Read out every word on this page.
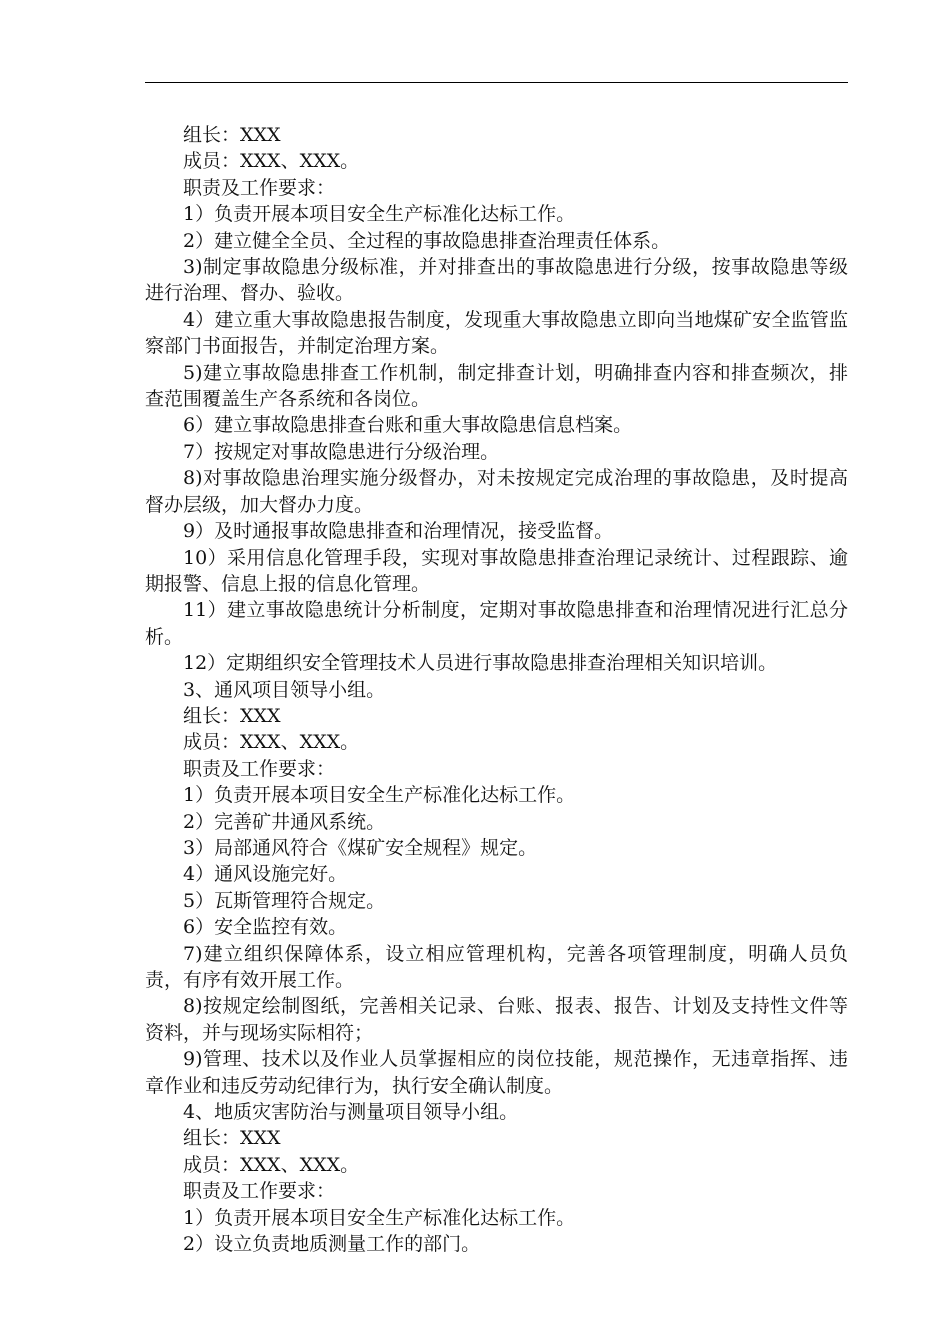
组长：XXX

成员：XXX、XXX。

职责及工作要求：

1）负责开展本项目安全生产标准化达标工作。

2）建立健全全员、全过程的事故隐患排查治理责任体系。

3)制定事故隐患分级标准，并对排查出的事故隐患进行分级，按事故隐患等级进行治理、督办、验收。

4）建立重大事故隐患报告制度，发现重大事故隐患立即向当地煤矿安全监管监察部门书面报告，并制定治理方案。

5)建立事故隐患排查工作机制，制定排查计划，明确排查内容和排查频次，排查范围覆盖生产各系统和各岗位。

6）建立事故隐患排查台账和重大事故隐患信息档案。

7）按规定对事故隐患进行分级治理。

8)对事故隐患治理实施分级督办，对未按规定完成治理的事故隐患，及时提高督办层级，加大督办力度。

9）及时通报事故隐患排查和治理情况，接受监督。

10）采用信息化管理手段，实现对事故隐患排查治理记录统计、过程跟踪、逾期报警、信息上报的信息化管理。

11）建立事故隐患统计分析制度，定期对事故隐患排查和治理情况进行汇总分析。

12）定期组织安全管理技术人员进行事故隐患排查治理相关知识培训。

3、通风项目领导小组。

组长：XXX

成员：XXX、XXX。

职责及工作要求：

1）负责开展本项目安全生产标准化达标工作。

2）完善矿井通风系统。

3）局部通风符合《煤矿安全规程》规定。

4）通风设施完好。

5）瓦斯管理符合规定。

6）安全监控有效。

7)建立组织保障体系，设立相应管理机构，完善各项管理制度，明确人员负责，有序有效开展工作。

8)按规定绘制图纸，完善相关记录、台账、报表、报告、计划及支持性文件等资料，并与现场实际相符；

9)管理、技术以及作业人员掌握相应的岗位技能，规范操作，无违章指挥、违章作业和违反劳动纪律行为，执行安全确认制度。

4、地质灾害防治与测量项目领导小组。

组长：XXX

成员：XXX、XXX。

职责及工作要求：

1）负责开展本项目安全生产标准化达标工作。

2）设立负责地质测量工作的部门。
